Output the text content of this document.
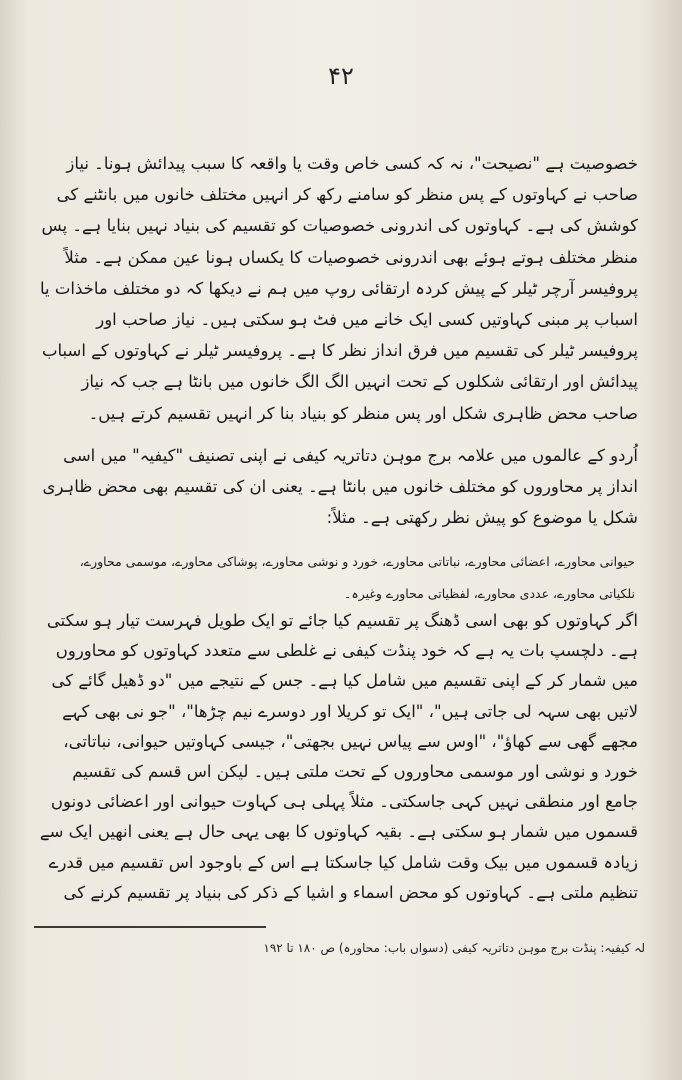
۴۲
خصوصیت ہے "نصیحت"، نہ کہ کسی خاص وقت یا واقعہ کا سبب پیدائش ہونا۔ نیاز صاحب نے کہاوتوں کے پس منظر کو سامنے رکھ کر انہیں مختلف خانوں میں بانٹنے کی کوشش کی ہے۔ کہاوتوں کی اندرونی خصوصیات کو تقسیم کی بنیاد نہیں بنایا ہے۔ پس منظر مختلف ہوتے ہوئے بھی اندرونی خصوصیات کا یکساں ہونا عین ممکن ہے۔ مثلاً پروفیسر آرچر ٹیلر کے پیش کردہ ارتقائی روپ میں ہم نے دیکھا کہ دو مختلف ماخذات یا اسباب پر مبنی کہاوتیں کسی ایک خانے میں فٹ ہو سکتی ہیں۔ نیاز صاحب اور پروفیسر ٹیلر کی تقسیم میں فرق انداز نظر کا ہے۔ پروفیسر ٹیلر نے کہاوتوں کے اسباب پیدائش اور ارتقائی شکلوں کے تحت انہیں الگ الگ خانوں میں بانٹا ہے جب کہ نیاز صاحب محض ظاہری شکل اور پس منظر کو بنیاد بنا کر انہیں تقسیم کرتے ہیں۔
اُردو کے عالموں میں علامہ برج موہن دتاتریہ کیفی نے اپنی تصنیف "کیفیہ" میں اسی انداز پر محاوروں کو مختلف خانوں میں بانٹا ہے۔ یعنی ان کی تقسیم بھی محض ظاہری شکل یا موضوع کو پیش نظر رکھتی ہے۔ مثلاً:
حیوانی محاورے، اعضائی محاورے، نباتاتی محاورے، خورد و نوشی محاورے، پوشاکی محاورے، موسمی محاورے، نلکیاتی محاورے، عددی محاورے، لفظیاتی محاورے وغیرہ۔
اگر کہاوتوں کو بھی اسی ڈھنگ پر تقسیم کیا جائے تو ایک طویل فہرست تیار ہو سکتی ہے۔ دلچسپ بات یہ ہے کہ خود پنڈت کیفی نے غلطی سے متعدد کہاوتوں کو محاوروں میں شمار کر کے اپنی تقسیم میں شامل کیا ہے۔ جس کے نتیجے میں "دو ڈھیل گائے کی لاتیں بھی سہہ لی جاتی ہیں"، "ایک تو کریلا اور دوسرے نیم چڑھا"، "جو نی بھی کہے مجھے گھی سے کھاؤ"، "اوس سے پیاس نہیں بجھتی"، جیسی کہاوتیں حیوانی، نباتاتی، خورد و نوشی اور موسمی محاوروں کے تحت ملتی ہیں۔ لیکن اس قسم کی تقسیم جامع اور منطقی نہیں کہی جاسکتی۔ مثلاً پہلی ہی کہاوت حیوانی اور اعضائی دونوں قسموں میں شمار ہو سکتی ہے۔ بقیہ کہاوتوں کا بھی یہی حال ہے یعنی انھیں ایک سے زیادہ قسموں میں بیک وقت شامل کیا جاسکتا ہے اس کے باوجود اس تقسیم میں قدرے تنظیم ملتی ہے۔ کہاوتوں کو محض اسماء و اشیا کے ذکر کی بنیاد پر تقسیم کرنے کی
لہ کیفیہ: پنڈت برج موہن دتاتریہ کیفی (دسواں باب: محاورہ) ص ۱۸۰ تا ۱۹۲
